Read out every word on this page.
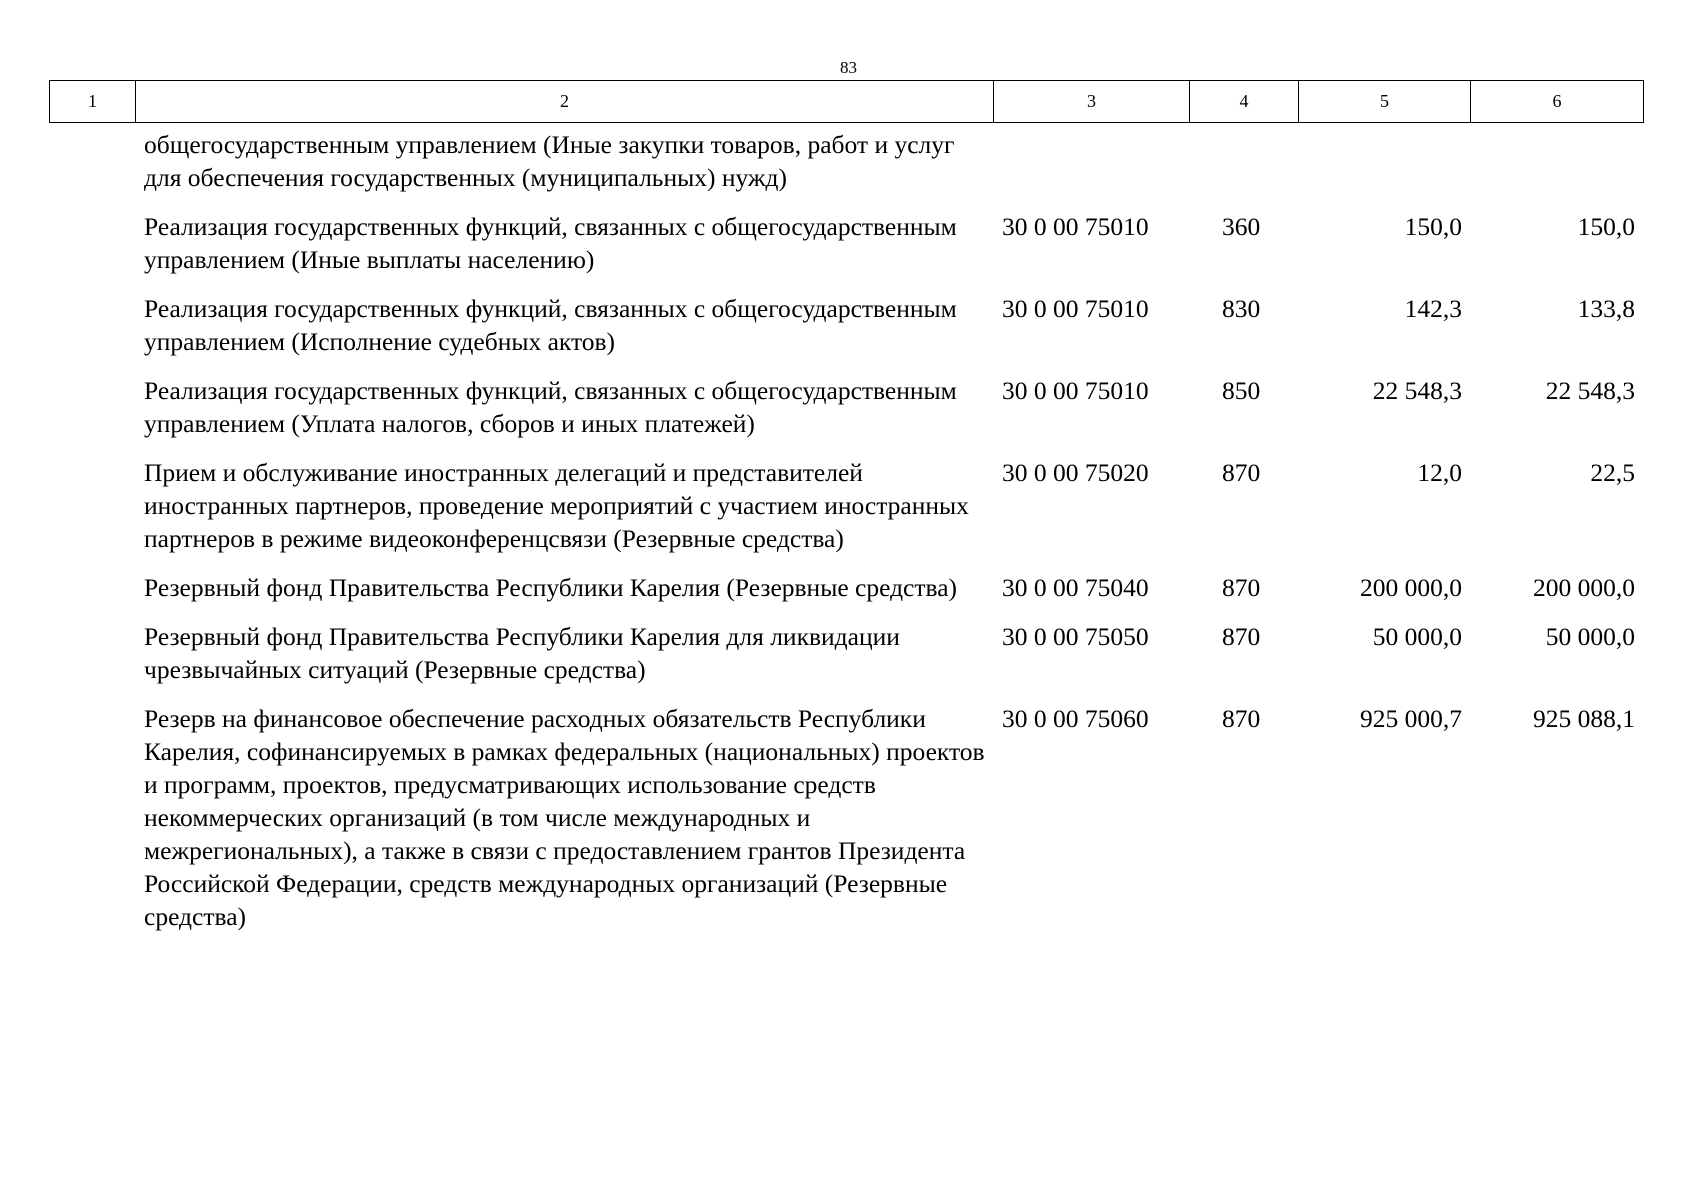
83
1	2	3	4	5	6
общегосударственным управлением (Иные закупки товаров, работ и услуг для обеспечения государственных (муниципальных) нужд)				
Реализация государственных функций, связанных с общегосударственным управлением (Иные выплаты населению)	30 0 00 75010	360	150,0	150,0
Реализация государственных функций, связанных с общегосударственным управлением (Исполнение судебных актов)	30 0 00 75010	830	142,3	133,8
Реализация государственных функций, связанных с общегосударственным управлением (Уплата налогов, сборов и иных платежей)	30 0 00 75010	850	22 548,3	22 548,3
Прием и обслуживание иностранных делегаций и представителей иностранных партнеров, проведение мероприятий с участием иностранных партнеров в режиме видеоконференцсвязи (Резервные средства)	30 0 00 75020	870	12,0	22,5
Резервный фонд Правительства Республики Карелия (Резервные средства)	30 0 00 75040	870	200 000,0	200 000,0
Резервный фонд Правительства Республики Карелия для ликвидации чрезвычайных ситуаций (Резервные средства)	30 0 00 75050	870	50 000,0	50 000,0
Резерв на финансовое обеспечение расходных обязательств Республики Карелия, софинансируемых в рамках федеральных (национальных) проектов и программ, проектов, предусматривающих использование средств некоммерческих организаций (в том числе международных и межрегиональных), а также в связи с предоставлением грантов Президента Российской Федерации, средств международных организаций (Резервные средства)	30 0 00 75060	870	925 000,7	925 088,1
